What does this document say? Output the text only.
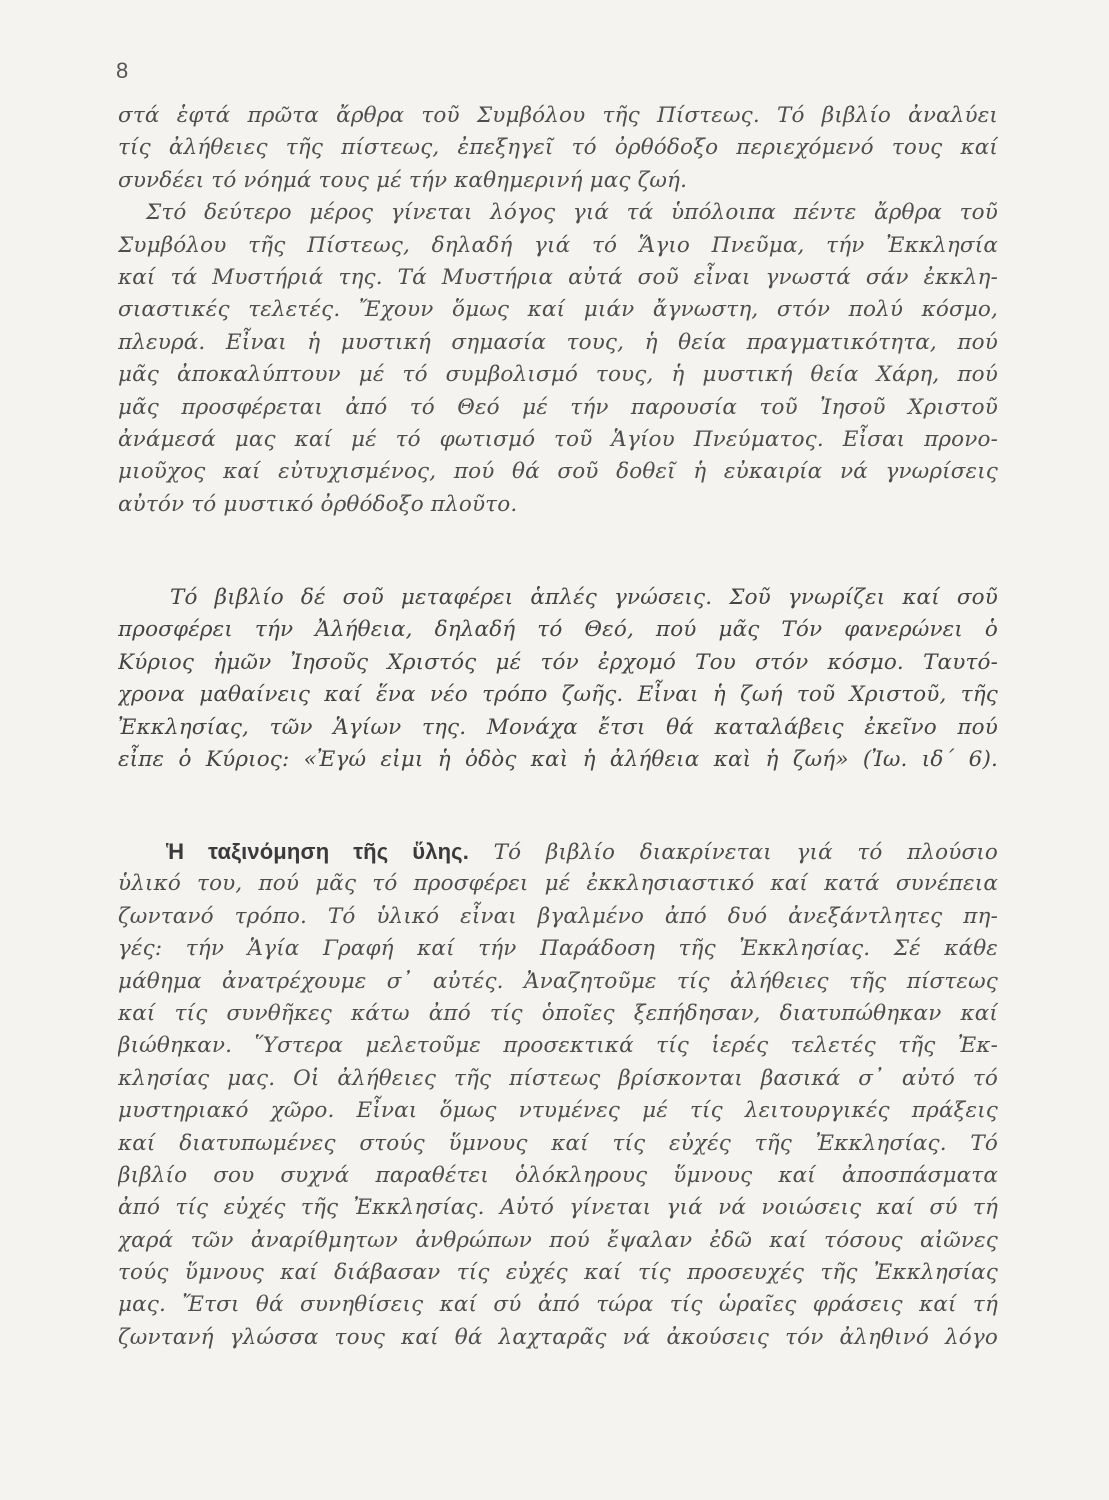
8
στά ἑφτά πρῶτα ἄρθρα τοῦ Συμβόλου τῆς Πίστεως. Τό βιβλίο ἀναλύει
τίς ἀλήθειες τῆς πίστεως, ἐπεξηγεῖ τό ὀρθόδοξο περιεχόμενό τους καί
συνδέει τό νόημά τους μέ τήν καθημερινή μας ζωή.
Στό δεύτερο μέρος γίνεται λόγος γιά τά ὑπόλοιπα πέντε ἄρθρα τοῦ
Συμβόλου τῆς Πίστεως, δηλαδή γιά τό Ἅγιο Πνεῦμα, τήν Ἐκκλησία
καί τά Μυστήριά της. Τά Μυστήρια αὐτά σοῦ εἶναι γνωστά σάν ἐκκλη-
σιαστικές τελετές. Ἔχουν ὅμως καί μιάν ἄγνωστη, στόν πολύ κόσμο,
πλευρά. Εἶναι ἡ μυστική σημασία τους, ἡ θεία πραγματικότητα, πού
μᾶς ἀποκαλύπτουν μέ τό συμβολισμό τους, ἡ μυστική θεία Χάρη, πού
μᾶς προσφέρεται ἀπό τό Θεό μέ τήν παρουσία τοῦ Ἰησοῦ Χριστοῦ
ἀνάμεσά μας καί μέ τό φωτισμό τοῦ Ἁγίου Πνεύματος. Εἶσαι προνο-
μιοῦχος καί εὐτυχισμένος, πού θά σοῦ δοθεῖ ἡ εὐκαιρία νά γνωρίσεις
αὐτόν τό μυστικό ὀρθόδοξο πλοῦτο.
Τό βιβλίο δέ σοῦ μεταφέρει ἁπλές γνώσεις. Σοῦ γνωρίζει καί σοῦ
προσφέρει τήν Ἀλήθεια, δηλαδή τό Θεό, πού μᾶς Τόν φανερώνει ὁ
Κύριος ἡμῶν Ἰησοῦς Χριστός μέ τόν ἐρχομό Του στόν κόσμο. Ταυτό-
χρονα μαθαίνεις καί ἕνα νέο τρόπο ζωῆς. Εἶναι ἡ ζωή τοῦ Χριστοῦ, τῆς
Ἐκκλησίας, τῶν Ἁγίων της. Μονάχα ἔτσι θά καταλάβεις ἐκεῖνο πού
εἶπε ὁ Κύριος: «Ἐγώ εἰμι ἡ ὁδὸς καὶ ἡ ἀλήθεια καὶ ἡ ζωή» (Ἰω. ιδ΄ 6).
Ἡ ταξινόμηση τῆς ὕλης. Τό βιβλίο διακρίνεται γιά τό πλούσιο
ὑλικό του, πού μᾶς τό προσφέρει μέ ἐκκλησιαστικό καί κατά συνέπεια
ζωντανό τρόπο. Τό ὑλικό εἶναι βγαλμένο ἀπό δυό ἀνεξάντλητες πη-
γές: τήν Ἁγία Γραφή καί τήν Παράδοση τῆς Ἐκκλησίας. Σέ κάθε
μάθημα ἀνατρέχουμε σ᾽ αὐτές. Ἀναζητοῦμε τίς ἀλήθειες τῆς πίστεως
καί τίς συνθῆκες κάτω ἀπό τίς ὁποῖες ξεπήδησαν, διατυπώθηκαν καί
βιώθηκαν. Ὕστερα μελετοῦμε προσεκτικά τίς ἱερές τελετές τῆς Ἐκ-
κλησίας μας. Οἱ ἀλήθειες τῆς πίστεως βρίσκονται βασικά σ᾽ αὐτό τό
μυστηριακό χῶρο. Εἶναι ὅμως ντυμένες μέ τίς λειτουργικές πράξεις
καί διατυπωμένες στούς ὕμνους καί τίς εὐχές τῆς Ἐκκλησίας. Τό
βιβλίο σου συχνά παραθέτει ὁλόκληρους ὕμνους καί ἀποσπάσματα
ἀπό τίς εὐχές τῆς Ἐκκλησίας. Αὐτό γίνεται γιά νά νοιώσεις καί σύ τή
χαρά τῶν ἀναρίθμητων ἀνθρώπων πού ἔψαλαν ἐδῶ καί τόσους αἰῶνες
τούς ὕμνους καί διάβασαν τίς εὐχές καί τίς προσευχές τῆς Ἐκκλησίας
μας. Ἔτσι θά συνηθίσεις καί σύ ἀπό τώρα τίς ὡραῖες φράσεις καί τή
ζωντανή γλώσσα τους καί θά λαχταρᾶς νά ἀκούσεις τόν ἀληθινό λόγο
